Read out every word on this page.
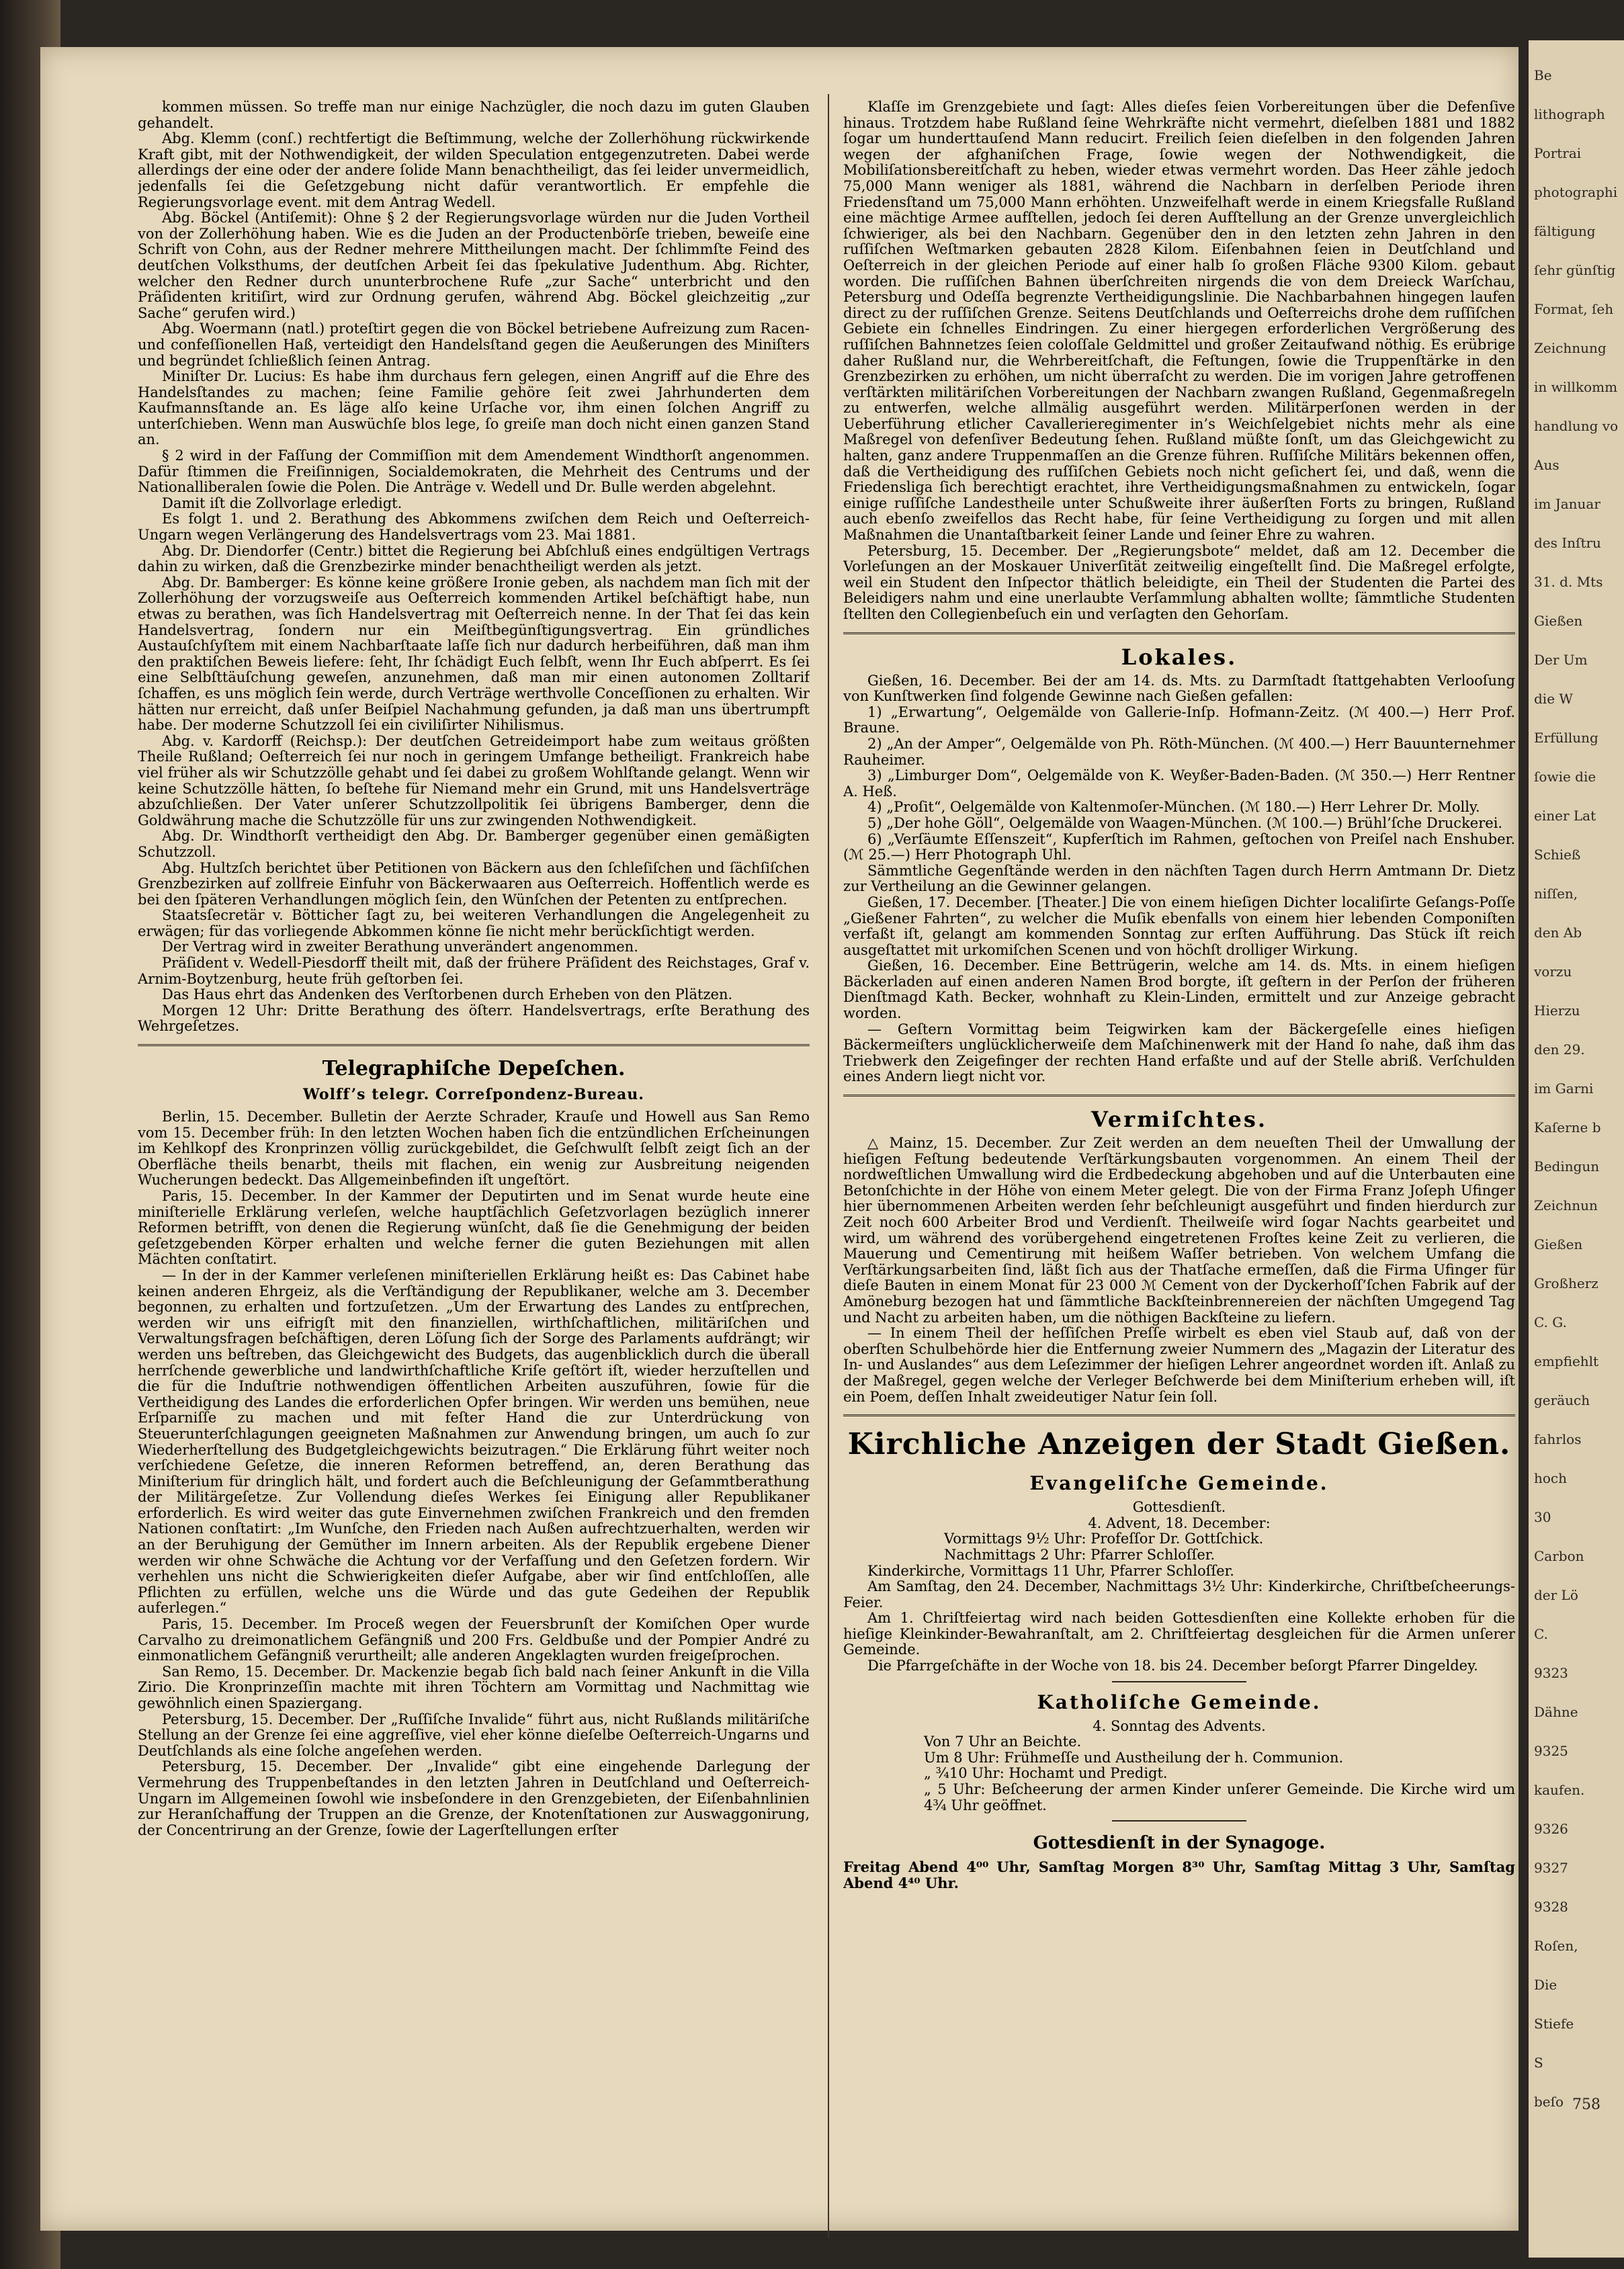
kommen müssen. So treffe man nur einige Nachzügler, die noch dazu im guten Glauben gehandelt.

Abg. Klemm (conſ.) rechtfertigt die Beſtimmung, welche der Zollerhöhung rückwirkende Kraft gibt, mit der Nothwendigkeit, der wilden Speculation entgegenzutreten. Dabei werde allerdings der eine oder der andere ſolide Mann benachtheiligt, das ſei leider unvermeidlich, jedenfalls ſei die Geſetzgebung nicht dafür verantwortlich. Er empfehle die Regierungsvorlage event. mit dem Antrag Wedell.

Abg. Böckel (Antiſemit): Ohne § 2 der Regierungsvorlage würden nur die Juden Vortheil von der Zollerhöhung haben. Wie es die Juden an der Productenbörſe trieben, beweiſe eine Schrift von Cohn, aus der Redner mehrere Mittheilungen macht. Der ſchlimmſte Feind des deutſchen Volksthums, der deutſchen Arbeit ſei das ſpekulative Judenthum. Abg. Richter, welcher den Redner durch ununterbrochene Rufe „zur Sache“ unterbricht und den Präſidenten kritiſirt, wird zur Ordnung gerufen, während Abg. Böckel gleichzeitig „zur Sache“ gerufen wird.)

Abg. Woermann (natl.) proteſtirt gegen die von Böckel betriebene Aufreizung zum Racen- und confeſſionellen Haß, verteidigt den Handelsſtand gegen die Aeußerungen des Miniſters und begründet ſchließlich ſeinen Antrag.

Miniſter Dr. Lucius: Es habe ihm durchaus fern gelegen, einen Angriff auf die Ehre des Handelsſtandes zu machen; ſeine Familie gehöre ſeit zwei Jahrhunderten dem Kaufmannsſtande an. Es läge alſo keine Urſache vor, ihm einen ſolchen Angriff zu unterſchieben. Wenn man Auswüchſe blos lege, ſo greiſe man doch nicht einen ganzen Stand an.

§ 2 wird in der Faſſung der Commiſſion mit dem Amendement Windthorſt angenommen. Dafür ſtimmen die Freiſinnigen, Socialdemokraten, die Mehrheit des Centrums und der Nationalliberalen ſowie die Polen. Die Anträge v. Wedell und Dr. Bulle werden abgelehnt.

Damit iſt die Zollvorlage erledigt.

Es folgt 1. und 2. Berathung des Abkommens zwiſchen dem Reich und Oeſterreich-Ungarn wegen Verlängerung des Handelsvertrags vom 23. Mai 1881.

Abg. Dr. Diendorfer (Centr.) bittet die Regierung bei Abſchluß eines endgültigen Vertrags dahin zu wirken, daß die Grenzbezirke minder benachtheiligt werden als jetzt.

Abg. Dr. Bamberger: Es könne keine größere Ironie geben, als nachdem man ſich mit der Zollerhöhung der vorzugsweiſe aus Oeſterreich kommenden Artikel beſchäftigt habe, nun etwas zu berathen, was ſich Handelsvertrag mit Oeſterreich nenne. In der That ſei das kein Handelsvertrag, ſondern nur ein Meiſtbegünſtigungsvertrag. Ein gründliches Austauſchſyſtem mit einem Nachbarſtaate laſſe ſich nur dadurch herbeiführen, daß man ihm den praktiſchen Beweis liefere: ſeht, Ihr ſchädigt Euch ſelbſt, wenn Ihr Euch abſperrt. Es ſei eine Selbſttäuſchung geweſen, anzunehmen, daß man mir einen autonomen Zolltarif ſchaffen, es uns möglich ſein werde, durch Verträge werthvolle Conceſſionen zu erhalten. Wir hätten nur erreicht, daß unſer Beiſpiel Nachahmung gefunden, ja daß man uns übertrumpft habe. Der moderne Schutzzoll ſei ein civiliſirter Nihilismus.

Abg. v. Kardorff (Reichsp.): Der deutſchen Getreideimport habe zum weitaus größten Theile Rußland; Oeſterreich ſei nur noch in geringem Umfange betheiligt. Frankreich habe viel früher als wir Schutzzölle gehabt und ſei dabei zu großem Wohlſtande gelangt. Wenn wir keine Schutzzölle hätten, ſo beſtehe für Niemand mehr ein Grund, mit uns Handelsverträge abzuſchließen. Der Vater unſerer Schutzzollpolitik ſei übrigens Bamberger, denn die Goldwährung mache die Schutzzölle für uns zur zwingenden Nothwendigkeit.

Abg. Dr. Windthorſt vertheidigt den Abg. Dr. Bamberger gegenüber einen gemäßigten Schutzzoll.

Abg. Hultzſch berichtet über Petitionen von Bäckern aus den ſchleſiſchen und ſächſiſchen Grenzbezirken auf zollfreie Einfuhr von Bäckerwaaren aus Oeſterreich. Hoffentlich werde es bei den ſpäteren Verhandlungen möglich ſein, den Wünſchen der Petenten zu entſprechen.

Staatsſecretär v. Bötticher ſagt zu, bei weiteren Verhandlungen die Angelegenheit zu erwägen; für das vorliegende Abkommen könne ſie nicht mehr berückſichtigt werden.

Der Vertrag wird in zweiter Berathung unverändert angenommen.

Präſident v. Wedell-Piesdorff theilt mit, daß der frühere Präſident des Reichstages, Graf v. Arnim-Boytzenburg, heute früh geſtorben ſei.

Das Haus ehrt das Andenken des Verſtorbenen durch Erheben von den Plätzen.

Morgen 12 Uhr: Dritte Berathung des öſterr. Handelsvertrags, erſte Berathung des Wehrgeſetzes.

Telegraphiſche Depeſchen.
Wolff’s telegr. Correſpondenz-Bureau.

Berlin, 15. December. Bulletin der Aerzte Schrader, Krauſe und Howell aus San Remo vom 15. December früh: In den letzten Wochen haben ſich die entzündlichen Erſcheinungen im Kehlkopf des Kronprinzen völlig zurückgebildet, die Geſchwulſt ſelbſt zeigt ſich an der Oberfläche theils benarbt, theils mit flachen, ein wenig zur Ausbreitung neigenden Wucherungen bedeckt. Das Allgemeinbefinden iſt ungeſtört.

Paris, 15. December. In der Kammer der Deputirten und im Senat wurde heute eine miniſterielle Erklärung verleſen, welche hauptſächlich Geſetzvorlagen bezüglich innerer Reformen betrifft, von denen die Regierung wünſcht, daß ſie die Genehmigung der beiden geſetzgebenden Körper erhalten und welche ferner die guten Beziehungen mit allen Mächten conſtatirt.

— In der in der Kammer verleſenen miniſteriellen Erklärung heißt es: Das Cabinet habe keinen anderen Ehrgeiz, als die Verſtändigung der Republikaner, welche am 3. December begonnen, zu erhalten und fortzuſetzen. „Um der Erwartung des Landes zu entſprechen, werden wir uns eifrigſt mit den finanziellen, wirthſchaftlichen, militäriſchen und Verwaltungsfragen beſchäftigen, deren Löſung ſich der Sorge des Parlaments aufdrängt; wir werden uns beſtreben, das Gleichgewicht des Budgets, das augenblicklich durch die überall herrſchende gewerbliche und landwirthſchaftliche Kriſe geſtört iſt, wieder herzuſtellen und die für die Induſtrie nothwendigen öffentlichen Arbeiten auszuführen, ſowie für die Vertheidigung des Landes die erforderlichen Opfer bringen. Wir werden uns bemühen, neue Erſparniſſe zu machen und mit feſter Hand die zur Unterdrückung von Steuerunterſchlagungen geeigneten Maßnahmen zur Anwendung bringen, um auch ſo zur Wiederherſtellung des Budgetgleichgewichts beizutragen.“ Die Erklärung führt weiter noch verſchiedene Geſetze, die inneren Reformen betreffend, an, deren Berathung das Miniſterium für dringlich hält, und fordert auch die Beſchleunigung der Geſammtberathung der Militärgeſetze. Zur Vollendung dieſes Werkes ſei Einigung aller Republikaner erforderlich. Es wird weiter das gute Einvernehmen zwiſchen Frankreich und den fremden Nationen conſtatirt: „Im Wunſche, den Frieden nach Außen aufrechtzuerhalten, werden wir an der Beruhigung der Gemüther im Innern arbeiten. Als der Republik ergebene Diener werden wir ohne Schwäche die Achtung vor der Verfaſſung und den Geſetzen fordern. Wir verhehlen uns nicht die Schwierigkeiten dieſer Aufgabe, aber wir ſind entſchloſſen, alle Pflichten zu erfüllen, welche uns die Würde und das gute Gedeihen der Republik auferlegen.“

Paris, 15. December. Im Proceß wegen der Feuersbrunſt der Komiſchen Oper wurde Carvalho zu dreimonatlichem Gefängniß und 200 Frs. Geldbuße und der Pompier André zu einmonatlichem Gefängniß verurtheilt; alle anderen Angeklagten wurden freigeſprochen.

San Remo, 15. December. Dr. Mackenzie begab ſich bald nach ſeiner Ankunft in die Villa Zirio. Die Kronprinzeſſin machte mit ihren Töchtern am Vormittag und Nachmittag wie gewöhnlich einen Spaziergang.

Petersburg, 15. December. Der „Ruſſiſche Invalide“ führt aus, nicht Rußlands militäriſche Stellung an der Grenze ſei eine aggreſſive, viel eher könne dieſelbe Oeſterreich-Ungarns und Deutſchlands als eine ſolche angeſehen werden.

Petersburg, 15. December. Der „Invalide“ gibt eine eingehende Darlegung der Vermehrung des Truppenbeſtandes in den letzten Jahren in Deutſchland und Oeſterreich-Ungarn im Allgemeinen ſowohl wie insbeſondere in den Grenzgebieten, der Eiſenbahnlinien zur Heranſchaffung der Truppen an die Grenze, der Knotenſtationen zur Auswaggonirung, der Concentrirung an der Grenze, ſowie der Lagerſtellungen erſter

Klaſſe im Grenzgebiete und ſagt: Alles dieſes ſeien Vorbereitungen über die Defenſive hinaus. Trotzdem habe Rußland ſeine Wehrkräfte nicht vermehrt, dieſelben 1881 und 1882 ſogar um hunderttauſend Mann reducirt. Freilich ſeien dieſelben in den folgenden Jahren wegen der afghaniſchen Frage, ſowie wegen der Nothwendigkeit, die Mobiliſationsbereitſchaft zu heben, wieder etwas vermehrt worden. Das Heer zähle jedoch 75,000 Mann weniger als 1881, während die Nachbarn in derſelben Periode ihren Friedensſtand um 75,000 Mann erhöhten. Unzweifelhaft werde in einem Kriegsfalle Rußland eine mächtige Armee aufſtellen, jedoch ſei deren Aufſtellung an der Grenze unvergleichlich ſchwieriger, als bei den Nachbarn. Gegenüber den in den letzten zehn Jahren in den ruſſiſchen Weſtmarken gebauten 2828 Kilom. Eiſenbahnen ſeien in Deutſchland und Oeſterreich in der gleichen Periode auf einer halb ſo großen Fläche 9300 Kilom. gebaut worden. Die ruſſiſchen Bahnen überſchreiten nirgends die von dem Dreieck Warſchau, Petersburg und Odeſſa begrenzte Vertheidigungslinie. Die Nachbarbahnen hingegen laufen direct zu der ruſſiſchen Grenze. Seitens Deutſchlands und Oeſterreichs drohe dem ruſſiſchen Gebiete ein ſchnelles Eindringen. Zu einer hiergegen erforderlichen Vergrößerung des ruſſiſchen Bahnnetzes ſeien coloſſale Geldmittel und großer Zeitaufwand nöthig. Es erübrige daher Rußland nur, die Wehrbereitſchaft, die Feſtungen, ſowie die Truppenſtärke in den Grenzbezirken zu erhöhen, um nicht überraſcht zu werden. Die im vorigen Jahre getroffenen verſtärkten militäriſchen Vorbereitungen der Nachbarn zwangen Rußland, Gegenmaßregeln zu entwerfen, welche allmälig ausgeführt werden. Militärperſonen werden in der Ueberführung etlicher Cavallerieregimenter in’s Weichſelgebiet nichts mehr als eine Maßregel von defenſiver Bedeutung ſehen. Rußland müßte ſonſt, um das Gleichgewicht zu halten, ganz andere Truppenmaſſen an die Grenze führen. Ruſſiſche Militärs bekennen offen, daß die Vertheidigung des ruſſiſchen Gebiets noch nicht geſichert ſei, und daß, wenn die Friedensliga ſich berechtigt erachtet, ihre Vertheidigungsmaßnahmen zu entwickeln, ſogar einige ruſſiſche Landestheile unter Schußweite ihrer äußerſten Forts zu bringen, Rußland auch ebenſo zweifellos das Recht habe, für ſeine Vertheidigung zu ſorgen und mit allen Maßnahmen die Unantaſtbarkeit ſeiner Lande und ſeiner Ehre zu wahren.

Petersburg, 15. December. Der „Regierungsbote“ meldet, daß am 12. December die Vorleſungen an der Moskauer Univerſität zeitweilig eingeſtellt ſind. Die Maßregel erfolgte, weil ein Student den Inſpector thätlich beleidigte, ein Theil der Studenten die Partei des Beleidigers nahm und eine unerlaubte Verſammlung abhalten wollte; ſämmtliche Studenten ſtellten den Collegienbeſuch ein und verſagten den Gehorſam.

Lokales.

Gießen, 16. December. Bei der am 14. ds. Mts. zu Darmſtadt ſtattgehabten Verlooſung von Kunſtwerken ſind folgende Gewinne nach Gießen gefallen:

1) „Erwartung“, Oelgemälde von Gallerie-Inſp. Hofmann-Zeitz. (ℳ 400.—) Herr Prof. Braune.

2) „An der Amper“, Oelgemälde von Ph. Röth-München. (ℳ 400.—) Herr Bauunternehmer Rauheimer.

3) „Limburger Dom“, Oelgemälde von K. Weyßer-Baden-Baden. (ℳ 350.—) Herr Rentner A. Heß.

4) „Proſit“, Oelgemälde von Kaltenmoſer-München. (ℳ 180.—) Herr Lehrer Dr. Molly.

5) „Der hohe Göll“, Oelgemälde von Waagen-München. (ℳ 100.—) Brühl’ſche Druckerei.

6) „Verſäumte Eſſenszeit“, Kupferſtich im Rahmen, geſtochen von Preiſel nach Enshuber. (ℳ 25.—) Herr Photograph Uhl.

Sämmtliche Gegenſtände werden in den nächſten Tagen durch Herrn Amtmann Dr. Dietz zur Vertheilung an die Gewinner gelangen.

Gießen, 17. December. [Theater.] Die von einem hieſigen Dichter localiſirte Geſangs-Poſſe „Gießener Fahrten“, zu welcher die Muſik ebenfalls von einem hier lebenden Componiſten verfaßt iſt, gelangt am kommenden Sonntag zur erſten Aufführung. Das Stück iſt reich ausgeſtattet mit urkomiſchen Scenen und von höchſt drolliger Wirkung.

Gießen, 16. December. Eine Bettrügerin, welche am 14. ds. Mts. in einem hieſigen Bäckerladen auf einen anderen Namen Brod borgte, iſt geſtern in der Perſon der früheren Dienſtmagd Kath. Becker, wohnhaft zu Klein-Linden, ermittelt und zur Anzeige gebracht worden.

— Geſtern Vormittag beim Teigwirken kam der Bäckergeſelle eines hieſigen Bäckermeiſters unglücklicherweiſe dem Maſchinenwerk mit der Hand ſo nahe, daß ihm das Triebwerk den Zeigefinger der rechten Hand erfaßte und auf der Stelle abriß. Verſchulden eines Andern liegt nicht vor.

Vermiſchtes.

△ Mainz, 15. December. Zur Zeit werden an dem neueſten Theil der Umwallung der hieſigen Feſtung bedeutende Verſtärkungsbauten vorgenommen. An einem Theil der nordweſtlichen Umwallung wird die Erdbedeckung abgehoben und auf die Unterbauten eine Betonſchichte in der Höhe von einem Meter gelegt. Die von der Firma Franz Joſeph Ufinger hier übernommenen Arbeiten werden ſehr beſchleunigt ausgeführt und finden hierdurch zur Zeit noch 600 Arbeiter Brod und Verdienſt. Theilweiſe wird ſogar Nachts gearbeitet und wird, um während des vorübergehend eingetretenen Froſtes keine Zeit zu verlieren, die Mauerung und Cementirung mit heißem Waſſer betrieben. Von welchem Umfang die Verſtärkungsarbeiten ſind, läßt ſich aus der Thatſache ermeſſen, daß die Firma Ufinger für dieſe Bauten in einem Monat für 23 000 ℳ Cement von der Dyckerhoſſ’ſchen Fabrik auf der Amöneburg bezogen hat und ſämmtliche Backſteinbrennereien der nächſten Umgegend Tag und Nacht zu arbeiten haben, um die nöthigen Backſteine zu liefern.

— In einem Theil der heſſiſchen Preſſe wirbelt es eben viel Staub auf, daß von der oberſten Schulbehörde hier die Entfernung zweier Nummern des „Magazin der Literatur des In- und Auslandes“ aus dem Leſezimmer der hieſigen Lehrer angeordnet worden iſt. Anlaß zu der Maßregel, gegen welche der Verleger Beſchwerde bei dem Miniſterium erheben will, iſt ein Poem, deſſen Inhalt zweideutiger Natur ſein ſoll.

Kirchliche Anzeigen der Stadt Gießen.
Evangeliſche Gemeinde.

Gottesdienſt.

4. Advent, 18. December:

Vormittags 9½ Uhr: Profeſſor Dr. Gottſchick.

Nachmittags 2 Uhr: Pfarrer Schloſſer.

Kinderkirche, Vormittags 11 Uhr, Pfarrer Schloſſer.

Am Samſtag, den 24. December, Nachmittags 3½ Uhr: Kinderkirche, Chriſtbeſcheerungs-Feier.

Am 1. Chriſtfeiertag wird nach beiden Gottesdienſten eine Kollekte erhoben für die hieſige Kleinkinder-Bewahranſtalt, am 2. Chriſtfeiertag desgleichen für die Armen unſerer Gemeinde.

Die Pfarrgeſchäfte in der Woche von 18. bis 24. December beſorgt Pfarrer Dingeldey.

Katholiſche Gemeinde.

4. Sonntag des Advents.

Von 7 Uhr an Beichte.

Um 8 Uhr: Frühmeſſe und Austheilung der h. Communion.

„ ¾10 Uhr: Hochamt und Predigt.

„ 5 Uhr: Beſcheerung der armen Kinder unſerer Gemeinde. Die Kirche wird um 4¾ Uhr geöffnet.

Gottesdienſt in der Synagoge.

Freitag Abend 4⁰⁰ Uhr, Samſtag Morgen 8³⁰ Uhr, Samſtag Mittag 3 Uhr, Samſtag Abend 4⁴⁰ Uhr.

Be
lithograph
Portrai
photographi
fältigung
ſehr günſtig
Format, ſeh
Zeichnung
in willkomm
handlung vo
Aus
im Januar
des Inſtru
31. d. Mts
Gießen
Der Um
die W
Erfüllung
ſowie die
einer Lat
Schieß
niſſen,
den Ab
vorzu
Hierzu
den 29.
im Garni
Kaſerne b
Bedingun
Zeichnun
Gießen
Großherz
C. G.
empfiehlt
geräuch
fahrlos
hoch
30
Carbon
der Lö
C.
9323
Dähne
9325
kaufen.
9326
9327
9328
Roſen,
Die
Stiefe
S
beſo 758
